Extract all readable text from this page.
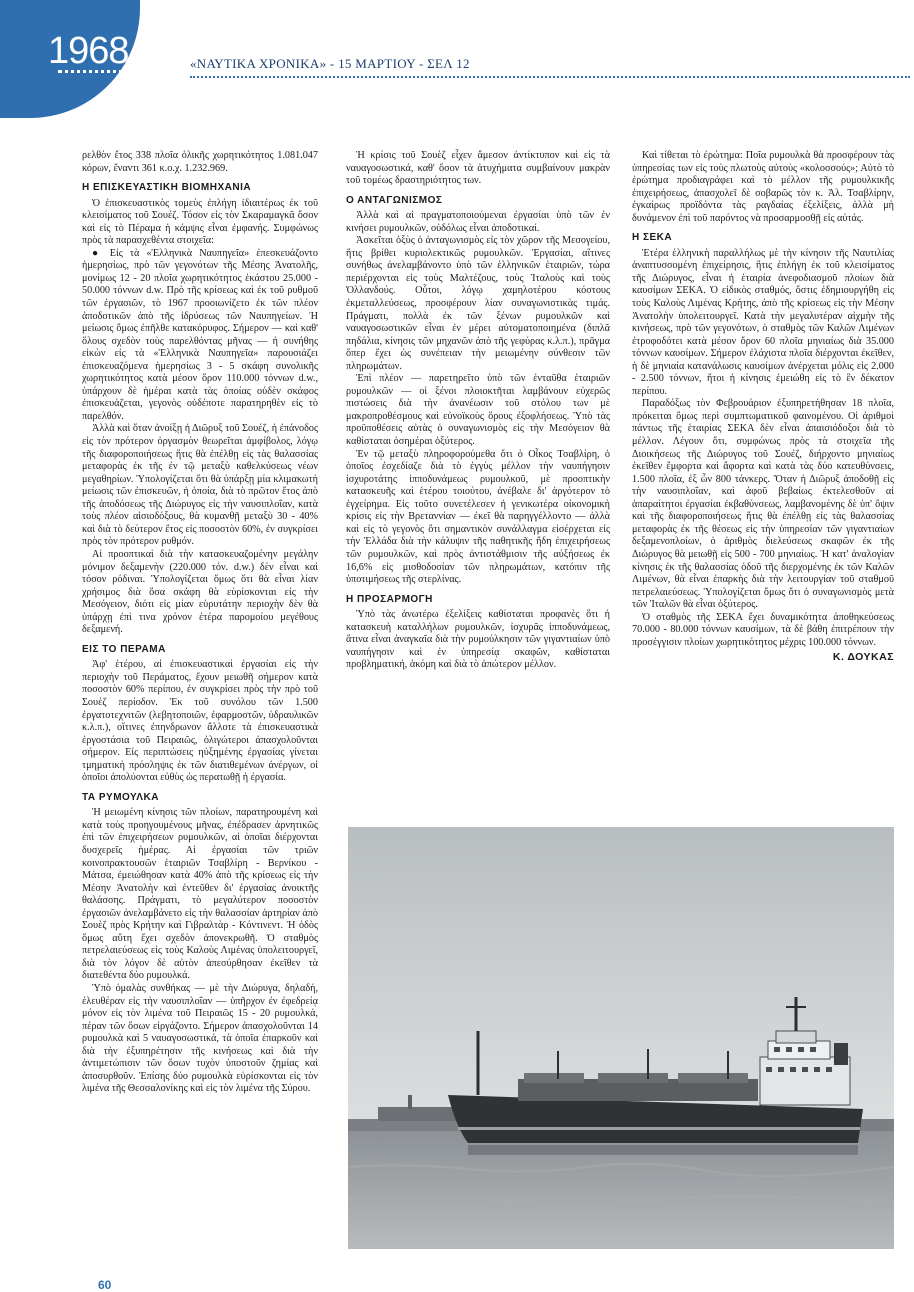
1968	«ΝΑΥΤΙΚΑ ΧΡΟΝΙΚΑ» - 15 ΜΑΡΤΙΟΥ - ΣΕΛ 12

ρελθὸν ἔτος 338 πλοῖα ὁλικῆς χωρητικότητος 1.081.047 κόρων, ἔναντι 361 κ.ο.χ. 1.232.969.

Η ΕΠΙΣΚΕΥΑΣΤΙΚΗ ΒΙΟΜΗΧΑΝΙΑ

Ὁ ἐπισκευαστικὸς τομεὺς ἐπλήγη ἰδιαιτέρως ἐκ τοῦ κλεισίματος τοῦ Σουέζ. Τόσον εἰς τὸν Σκαραμαγκᾶ ὅσον καὶ εἰς τὸ Πέραμα ἡ κάμψις εἶναι ἐμφανής. Συμφώνως πρὸς τὰ παρασχεθέντα στοιχεῖα:

● Εἰς τὰ «Ἑλληνικὰ Ναυπηγεῖα» ἐπεσκευάζοντο ἡμερησίως, πρὸ τῶν γεγονότων τῆς Μέσης Ἀνατολῆς, μονίμως 12 - 20 πλοῖα χωρητικότητος ἑκάστου 25.000 - 50.000 τόννων d.w. Πρὸ τῆς κρίσεως καὶ ἐκ τοῦ ρυθμοῦ τῶν ἐργασιῶν, τὸ 1967 προοιωνίζετο ἐκ τῶν πλέον ἀποδοτικῶν ἀπὸ τῆς ἱδρύσεως τῶν Ναυπηγείων. Ἡ μείωσις ὅμως ἐπῆλθε κατακόρυφος. Σήμερον — καὶ καθ' ὅλους σχεδὸν τοὺς παρελθόντας μῆνας — ἡ συνήθης εἰκὼν εἰς τὰ «Ἑλληνικὰ Ναυπηγεῖα» παρουσιάζει ἐπισκευαζόμενα ἡμερησίως 3 - 5 σκάφη συνολικῆς χωρητικότητος κατὰ μέσον ὅρον 110.000 τόννων d.w., ὑπάρχουν δὲ ἡμέραι κατὰ τὰς ὁποίας οὐδὲν σκάφος ἐπισκευάζεται, γεγονὸς οὐδέποτε παρατηρηθὲν εἰς τὸ παρελθόν.

Ἀλλὰ καὶ ὅταν ἀνοίξῃ ἡ Διῶρυξ τοῦ Σουέζ, ἡ ἐπάνοδος εἰς τὸν πρότερον ὀργασμὸν θεωρεῖται ἀμφίβολος, λόγῳ τῆς διαφοροποιήσεως ἥτις θὰ ἐπέλθῃ εἰς τὰς θαλασσίας μεταφορὰς ἐκ τῆς ἐν τῷ μεταξὺ καθελκύσεως νέων μεγαθηρίων. Ὑπολογίζεται ὅτι θὰ ὑπάρξῃ μία κλιμακωτὴ μείωσις τῶν ἐπισκευῶν, ἡ ὁποία, διὰ τὸ πρῶτον ἔτος ἀπὸ τῆς ἀποδόσεως τῆς Διώρυγος εἰς τὴν ναυσιπλοΐαν, κατὰ τοὺς πλέον αἰσιοδόξους, θὰ κυμανθῇ μεταξὺ 30 - 40% καὶ διὰ τὸ δεύτερον ἔτος εἰς ποσοστὸν 60%, ἐν συγκρίσει πρὸς τὸν πρότερον ρυθμόν.

Αἱ προοπτικαὶ διὰ τὴν κατασκευαζομένην μεγάλην μόνιμον δεξαμενὴν (220.000 τόν. d.w.) δὲν εἶναι καὶ τόσον ρόδιναι. Ὑπολογίζεται ὅμως ὅτι θὰ εἶναι λίαν χρήσιμος διὰ ὅσα σκάφη θὰ εὑρίσκονται εἰς τὴν Μεσόγειον, διότι εἰς μίαν εὑρυτάτην περιοχὴν δὲν θὰ ὑπάρχῃ ἐπὶ τινα χρόνον ἑτέρα παρομοίου μεγέθους δεξαμενή.

ΕΙΣ ΤΟ ΠΕΡΑΜΑ

Ἀφ' ἑτέρου, αἱ ἐπισκευαστικαὶ ἐργασίαι εἰς τὴν περιοχὴν τοῦ Περάματος, ἔχουν μειωθῆ σήμερον κατὰ ποσοστὸν 60% περίπου, ἐν συγκρίσει πρὸς τὴν πρὸ τοῦ Σουὲζ περίοδον. Ἐκ τοῦ συνόλου τῶν 1.500 ἐργατοτεχνιτῶν (λεβητοποιῶν, ἐφαρμοστῶν, ὑδραυλικῶν κ.λ.π.), οἵτινες ἐπηνδρωνον ἄλλοτε τὰ ἐπισκευαστικὰ ἐργοστάσια τοῦ Πειραιῶς, ὀλιγώτεροι ἀπασχολοῦνται σήμερον. Εἰς περιπτώσεις ηὐξημένης ἐργασίας γίνεται τμηματικὴ πρόσληψις ἐκ τῶν διατιθεμένων ἀνέργων, οἱ ὁποῖοι ἀπολύονται εὐθὺς ὡς περατωθῇ ἡ ἐργασία.

ΤΑ ΡΥΜΟΥΛΚΑ

Ἡ μειωμένη κίνησις τῶν πλοίων, παρατηρουμένη καὶ κατὰ τοὺς προηγουμένους μῆνας, ἐπέδρασεν ἀρνητικῶς ἐπὶ τῶν ἐπιχειρήσεων ρυμουλκῶν, αἱ ὁποῖαι διέρχονται δυσχερεῖς ἡμέρας. Αἱ ἐργασίαι τῶν τριῶν κοινοπρακτουσῶν ἑταιριῶν Τσαβλίρη - Βερνίκου - Μάτσα, ἐμειώθησαν κατὰ 40% ἀπὸ τῆς κρίσεως εἰς τὴν Μέσην Ἀνατολὴν καὶ ἐντεῦθεν δι' ἐργασίας ἀνοικτῆς θαλάσσης. Πράγματι, τὸ μεγαλύτερον ποσοστὸν ἐργασιῶν ἀνελαμβάνετο εἰς τὴν θαλασσίαν ἀρτηρίαν ἀπὸ Σουὲζ πρὸς Κρήτην καὶ Γιβραλτὰρ - Κόντινεντ. Ἡ ὁδὸς ὅμως αὕτη ἔχει σχεδὸν ἀπονεκρωθῆ. Ὁ σταθμὸς πετρελαιεύσεως εἰς τοὺς Καλοὺς Λιμένας ὑπολειτουργεῖ, διὰ τὸν λόγον δὲ αὐτὸν ἀπεσύρθησαν ἐκεῖθεν τὰ διατεθέντα δύο ρυμουλκά.

Ὑπὸ ὁμαλὰς συνθήκας — μὲ τὴν Διώρυγα, δηλαδή, ἐλευθέραν εἰς τὴν ναυσιπλοΐαν — ὑπῆρχον ἐν ἐφεδρείᾳ μόνον εἰς τὸν λιμένα τοῦ Πειραιῶς 15 - 20 ρυμουλκά, πέραν τῶν ὅσων εἰργάζοντο. Σήμερον ἀπασχολοῦνται 14 ρυμουλκὰ καὶ 5 ναυαγοσωστικά, τὰ ὁποῖα ἐπαρκοῦν καὶ διὰ τὴν ἐξυπηρέτησιν τῆς κινήσεως καὶ διὰ τὴν ἀντιμετώπισιν τῶν ὅσων τυχὸν ὑποστοῦν ζημίας καὶ ἀποσυρθοῦν. Ἐπίσης δύο ρυμουλκὰ εὑρίσκονται εἰς τὸν λιμένα τῆς Θεσσαλονίκης καὶ εἰς τὸν λιμένα τῆς Σύρου.

Ἡ κρίσις τοῦ Σουὲζ εἶχεν ἄμεσον ἀντίκτυπον καὶ εἰς τὰ ναυαγοσωστικά, καθ' ὅσον τὰ ἀτυχήματα συμβαίνουν μακρὰν τοῦ τομέως δραστηριότητος των.

Ο ΑΝΤΑΓΩΝΙΣΜΟΣ

Ἀλλὰ καὶ αἱ πραγματοποιούμεναι ἐργασίαι ὑπὸ τῶν ἐν κινήσει ρυμουλκῶν, οὐδόλως εἶναι ἀποδοτικαί.

Ἀσκεῖται ὀξὺς ὁ ἀνταγωνισμὸς εἰς τὸν χῶρον τῆς Μεσογείου, ἥτις βρίθει κυριολεκτικῶς ρυμουλκῶν. Ἐργασίαι, αἵτινες συνήθως ἀνελαμβάνοντο ὑπὸ τῶν ἑλληνικῶν ἑταιριῶν, τώρα περιέρχονται εἰς τοὺς Μαλτέζους, τοὺς Ἰταλοὺς καὶ τοὺς Ὀλλανδούς. Οὗτοι, λόγῳ χαμηλοτέρου κόστους ἐκμεταλλεύσεως, προσφέρουν λίαν συναγωνιστικὰς τιμάς. Πράγματι, πολλὰ ἐκ τῶν ξένων ρυμουλκῶν καὶ ναυαγοσωστικῶν εἶναι ἐν μέρει αὐτοματοποιημένα (διπλᾶ πηδάλια, κίνησις τῶν μηχανῶν ἀπὸ τῆς γεφύρας κ.λ.π.), πρᾶγμα ὅπερ ἔχει ὡς συνέπειαν τὴν μειωμένην σύνθεσιν τῶν πληρωμάτων.

Ἐπὶ πλέον — παρετηρεῖτο ὑπὸ τῶν ἐνταῦθα ἑταιριῶν ρυμουλκῶν — οἱ ξένοι πλοιοκτῆται λαμβάνουν εὐχερῶς πιστώσεις διὰ τὴν ἀνανέωσιν τοῦ στόλου των μὲ μακροπροθέσμους καὶ εὐνοϊκοὺς ὅρους ἐξοφλήσεως. Ὑπὸ τὰς προϋποθέσεις αὐτὰς ὁ συναγωνισμὸς εἰς τὴν Μεσόγειον θὰ καθίσταται ὁσημέραι ὀξύτερος.

Ἐν τῷ μεταξὺ πληροφορούμεθα ὅτι ὁ Οἶκος Τσαβλίρη, ὁ ὁποῖος ἐσχεδίαζε διὰ τὸ ἐγγὺς μέλλον τὴν ναυπήγησιν ἰσχυροτάτης ἱπποδυνάμεως ρυμουλκοῦ, μὲ προοπτικὴν κατασκευῆς καὶ ἑτέρου τοιούτου, ἀνέβαλε δι' ἀργότερον τὸ ἐγχείρημα. Εἰς τοῦτο συνετέλεσεν ἡ γενικωτέρα οἰκονομικὴ κρίσις εἰς τὴν Βρεταννίαν — ἐκεῖ θὰ παρηγγέλλοντο — ἀλλὰ καὶ εἰς τὸ γεγονὸς ὅτι σημαντικὸν συνάλλαγμα εἰσέρχεται εἰς τὴν Ἑλλάδα διὰ τὴν κάλυψιν τῆς παθητικῆς ἤδη ἐπιχειρήσεως τῶν ρυμουλκῶν, καὶ πρὸς ἀντιστάθμισιν τῆς αὐξήσεως ἐκ 16,6% εἰς μισθοδοσίαν τῶν πληρωμάτων, κατόπιν τῆς ὑποτιμήσεως τῆς στερλίνας.

Η ΠΡΟΣΑΡΜΟΓΗ

Ὑπὸ τὰς ἀνωτέρω ἐξελίξεις καθίσταται προφανὲς ὅτι ἡ κατασκευὴ καταλλήλων ρυμουλκῶν, ἰσχυρᾶς ἱπποδυνάμεως, ἅτινα εἶναι ἀναγκαῖα διὰ τὴν ρυμούλκησιν τῶν γιγαντιαίων ὑπὸ ναυπήγησιν καὶ ἐν ὑπηρεσίᾳ σκαφῶν, καθίσταται προβληματική, ἀκόμη καὶ διὰ τὸ ἀπώτερον μέλλον.

Καὶ τίθεται τὸ ἐρώτημα: Ποῖα ρυμουλκὰ θὰ προσφέρουν τὰς ὑπηρεσίας των εἰς τοὺς πλωτοὺς αὐτοὺς «κολοσσούς»; Αὐτὸ τὸ ἐρώτημα προδιαγράφει καὶ τὸ μέλλον τῆς ρυμουλκικῆς ἐπιχειρήσεως, ἀπασχολεῖ δὲ σοβαρῶς τὸν κ. Ἀλ. Τσαβλίρην, ἐγκαίρως προϊδόντα τὰς ραγδαίας ἐξελίξεις, ἀλλὰ μὴ δυνάμενον ἐπὶ τοῦ παρόντος νὰ προσαρμοσθῇ εἰς αὐτάς.

Η ΣΕΚΑ

Ἑτέρα ἑλληνικὴ παραλλήλως μὲ τὴν κίνησιν τῆς Ναυτιλίας ἀναπτυσσομένη ἐπιχείρησις, ἥτις ἐπλήγη ἐκ τοῦ κλεισίματος τῆς Διώρυγος, εἶναι ἡ ἑταιρία ἀνεφοδιασμοῦ πλοίων διὰ καυσίμων ΣΕΚΑ. Ὁ εἰδικὸς σταθμός, ὅστις ἐδημιουργήθη εἰς τοὺς Καλοὺς Λιμένας Κρήτης, ἀπὸ τῆς κρίσεως εἰς τὴν Μέσην Ἀνατολὴν ὑπολειτουργεῖ. Κατὰ τὴν μεγαλυτέραν αἰχμὴν τῆς κινήσεως, πρὸ τῶν γεγονότων, ὁ σταθμὸς τῶν Καλῶν Λιμένων ἐτροφοδότει κατὰ μέσον ὅρον 60 πλοῖα μηνιαίως διὰ 35.000 τόννων καυσίμων. Σήμερον ἐλάχιστα πλοῖα διέρχονται ἐκεῖθεν, ἡ δὲ μηνιαία κατανάλωσις καυσίμων ἀνέρχεται μόλις εἰς 2.000 - 2.500 τόννων, ἤτοι ἡ κίνησις ἐμειώθη εἰς τὸ ἓν δέκατον περίπου.

Παραδόξως τὸν Φεβρουάριον ἐξυπηρετήθησαν 18 πλοῖα, πρόκειται ὅμως περὶ συμπτωματικοῦ φαινομένου. Οἱ ἀριθμοὶ πάντως τῆς ἑταιρίας ΣΕΚΑ δὲν εἶναι ἀπαισιόδοξοι διὰ τὸ μέλλον. Λέγουν ὅτι, συμφώνως πρὸς τὰ στοιχεῖα τῆς Διοικήσεως τῆς Διώρυγος τοῦ Σουέζ, διήρχοντο μηνιαίως ἐκεῖθεν ἔμφορτα καὶ ἄφορτα καὶ κατὰ τὰς δύο κατευθύνσεις, 1.500 πλοῖα, ἐξ ὧν 800 τάνκερς. Ὅταν ἡ Διῶρυξ ἀποδοθῇ εἰς τὴν ναυσιπλοΐαν, καὶ ἀφοῦ βεβαίως ἐκτελεσθοῦν αἱ ἀπαραίτητοι ἐργασίαι ἐκβαθύνσεως, λαμβανομένης δὲ ὑπ' ὄψιν καὶ τῆς διαφοροποιήσεως ἥτις θὰ ἐπέλθῃ εἰς τὰς θαλασσίας μεταφορὰς ἐκ τῆς θέσεως εἰς τὴν ὑπηρεσίαν τῶν γιγαντιαίων δεξαμενοπλοίων, ὁ ἀριθμὸς διελεύσεως σκαφῶν ἐκ τῆς Διώρυγος θὰ μειωθῇ εἰς 500 - 700 μηνιαίως. Ἡ κατ' ἀναλογίαν κίνησις ἐκ τῆς θαλασσίας ὁδοῦ τῆς διερχομένης ἐκ τῶν Καλῶν Λιμένων, θὰ εἶναι ἐπαρκὴς διὰ τὴν λειτουργίαν τοῦ σταθμοῦ πετρελαιεύσεως. Ὑπολογίζεται ὅμως ὅτι ὁ συναγωνισμὸς μετὰ τῶν Ἰταλῶν θὰ εἶναι ὀξύτερος.

Ὁ σταθμὸς τῆς ΣΕΚΑ ἔχει δυναμικότητα ἀποθηκεύσεως 70.000 - 80.000 τόννων καυσίμων, τὰ δὲ βάθη ἐπιτρέπουν τὴν προσέγγισιν πλοίων χωρητικότητος μέχρις 100.000 τόννων.

Κ. ΔΟΥΚΑΣ
60
